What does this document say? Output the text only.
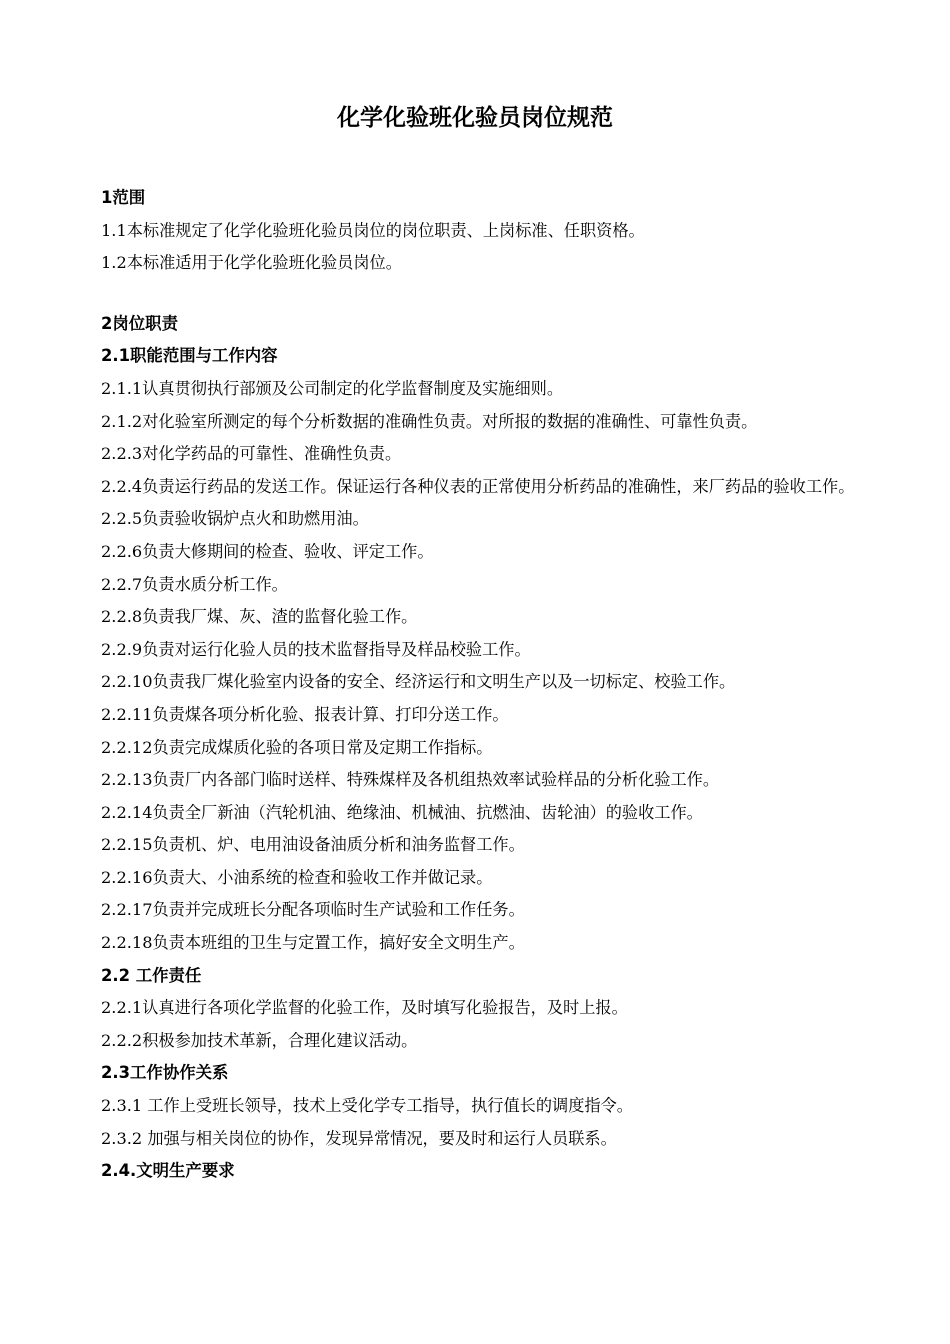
化学化验班化验员岗位规范
1范围
1.1本标准规定了化学化验班化验员岗位的岗位职责、上岗标准、任职资格。
1.2本标准适用于化学化验班化验员岗位。
2岗位职责
2.1职能范围与工作内容
2.1.1认真贯彻执行部颁及公司制定的化学监督制度及实施细则。
2.1.2对化验室所测定的每个分析数据的准确性负责。对所报的数据的准确性、可靠性负责。
2.2.3对化学药品的可靠性、准确性负责。
2.2.4负责运行药品的发送工作。保证运行各种仪表的正常使用分析药品的准确性，来厂药品的验收工作。
2.2.5负责验收锅炉点火和助燃用油。
2.2.6负责大修期间的检查、验收、评定工作。
2.2.7负责水质分析工作。
2.2.8负责我厂煤、灰、渣的监督化验工作。
2.2.9负责对运行化验人员的技术监督指导及样品校验工作。
2.2.10负责我厂煤化验室内设备的安全、经济运行和文明生产以及一切标定、校验工作。
2.2.11负责煤各项分析化验、报表计算、打印分送工作。
2.2.12负责完成煤质化验的各项日常及定期工作指标。
2.2.13负责厂内各部门临时送样、特殊煤样及各机组热效率试验样品的分析化验工作。
2.2.14负责全厂新油（汽轮机油、绝缘油、机械油、抗燃油、齿轮油）的验收工作。
2.2.15负责机、炉、电用油设备油质分析和油务监督工作。
2.2.16负责大、小油系统的检查和验收工作并做记录。
2.2.17负责并完成班长分配各项临时生产试验和工作任务。
2.2.18负责本班组的卫生与定置工作，搞好安全文明生产。
2.2 工作责任
2.2.1认真进行各项化学监督的化验工作，及时填写化验报告，及时上报。
2.2.2积极参加技术革新，合理化建议活动。
2.3工作协作关系
2.3.1 工作上受班长领导，技术上受化学专工指导，执行值长的调度指令。
2.3.2 加强与相关岗位的协作，发现异常情况，要及时和运行人员联系。
2.4.文明生产要求
